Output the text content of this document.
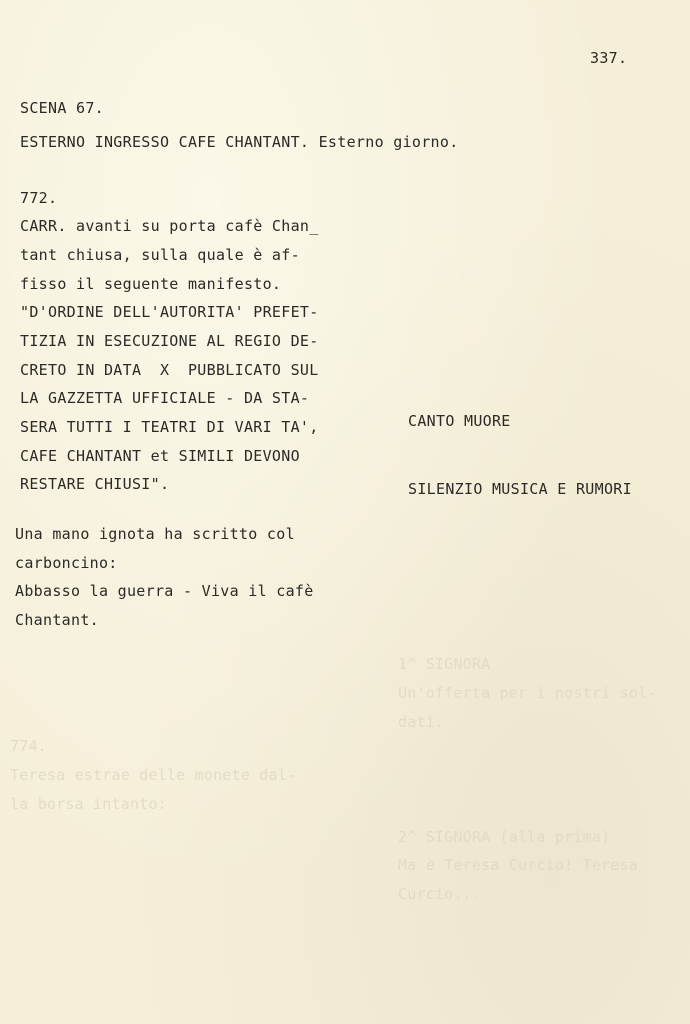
337.
SCENA 67.
ESTERNO INGRESSO CAFE CHANTANT. Esterno giorno.
772.
CARR. avanti su porta cafè Chan_
tant chiusa, sulla quale è af-
fisso il seguente manifesto.
"D'ORDINE DELL'AUTORITA' PREFET-
TIZIA IN ESECUZIONE AL REGIO DE-
CRETO IN DATA  X  PUBBLICATO SUL
LA GAZZETTA UFFICIALE - DA STA-
SERA TUTTI I TEATRI DI VARI TA',
CAFE CHANTANT et SIMILI DEVONO
RESTARE CHIUSI".
CANTO MUORE
SILENZIO MUSICA E RUMORI
Una mano ignota ha scritto col
carboncino:
Abbasso la guerra - Viva il cafè
Chantant.
1^ SIGNORA
Un'offerta per i nostri sol-
dati.
2^ SIGNORA (alla prima)
Ma è Teresa Curcio! Teresa
Curcio...
774.
Teresa estrae delle monete dal-
la borsa intanto:
